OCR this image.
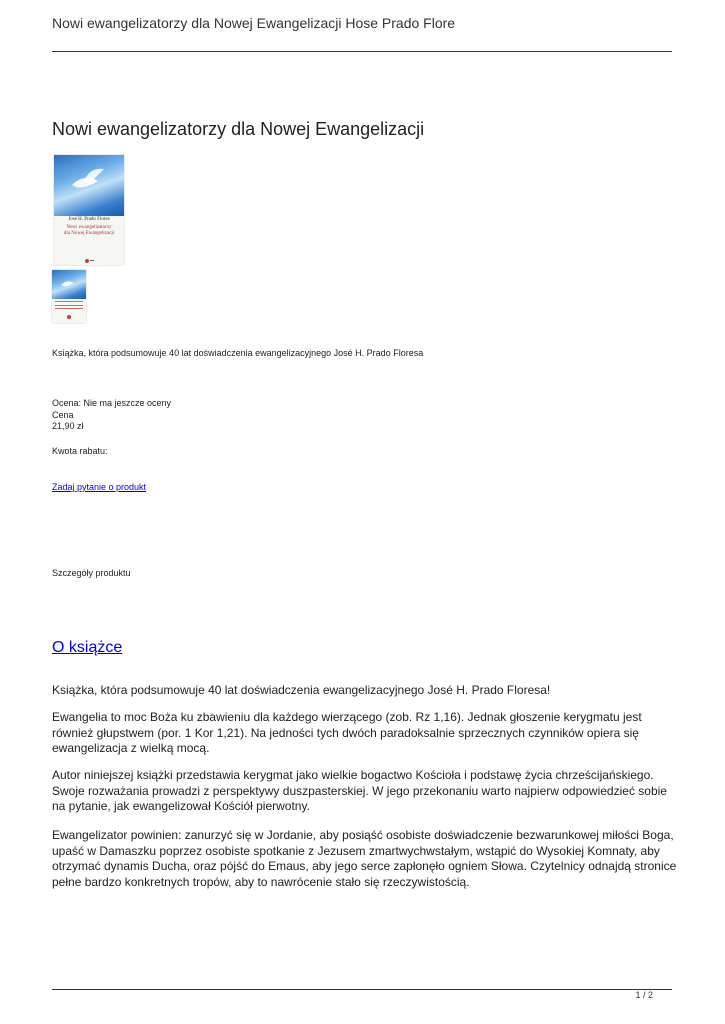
Nowi ewangelizatorzy dla Nowej Ewangelizacji Hose Prado Flore
Nowi ewangelizatorzy dla Nowej Ewangelizacji
José H. Prado Flores
Nowi ewangelizatorzy
dla Nowej Ewangelizacji
Książka, która podsumowuje 40 lat doświadczenia ewangelizacyjnego José H. Prado Floresa
Ocena: Nie ma jeszcze oceny
Cena
21,90 zł
Kwota rabatu:
Zadaj pytanie o produkt
Szczegóły produktu
O książce
Książka, która podsumowuje 40 lat doświadczenia ewangelizacyjnego José H. Prado Floresa!
Ewangelia to moc Boża ku zbawieniu dla każdego wierzącego (zob. Rz 1,16). Jednak głoszenie kerygmatu jest również głupstwem (por. 1 Kor 1,21). Na jedności tych dwóch paradoksalnie sprzecznych czynników opiera się ewangelizacja z wielką mocą.
Autor niniejszej książki przedstawia kerygmat jako wielkie bogactwo Kościoła i podstawę życia chrześcijańskiego. Swoje rozważania prowadzi z perspektywy duszpasterskiej. W jego przekonaniu warto najpierw odpowiedzieć sobie na pytanie, jak ewangelizował Kościół pierwotny.
Ewangelizator powinien: zanurzyć się w Jordanie, aby posiąść osobiste doświadczenie bezwarunkowej miłości Boga, upaść w Damaszku poprzez osobiste spotkanie z Jezusem zmartwychwstałym, wstąpić do Wysokiej Komnaty, aby otrzymać dynamis Ducha, oraz pójść do Emaus, aby jego serce zapłonęło ogniem Słowa. Czytelnicy odnajdą stronice pełne bardzo konkretnych tropów, aby to nawrócenie stało się rzeczywistością.
1 / 2
